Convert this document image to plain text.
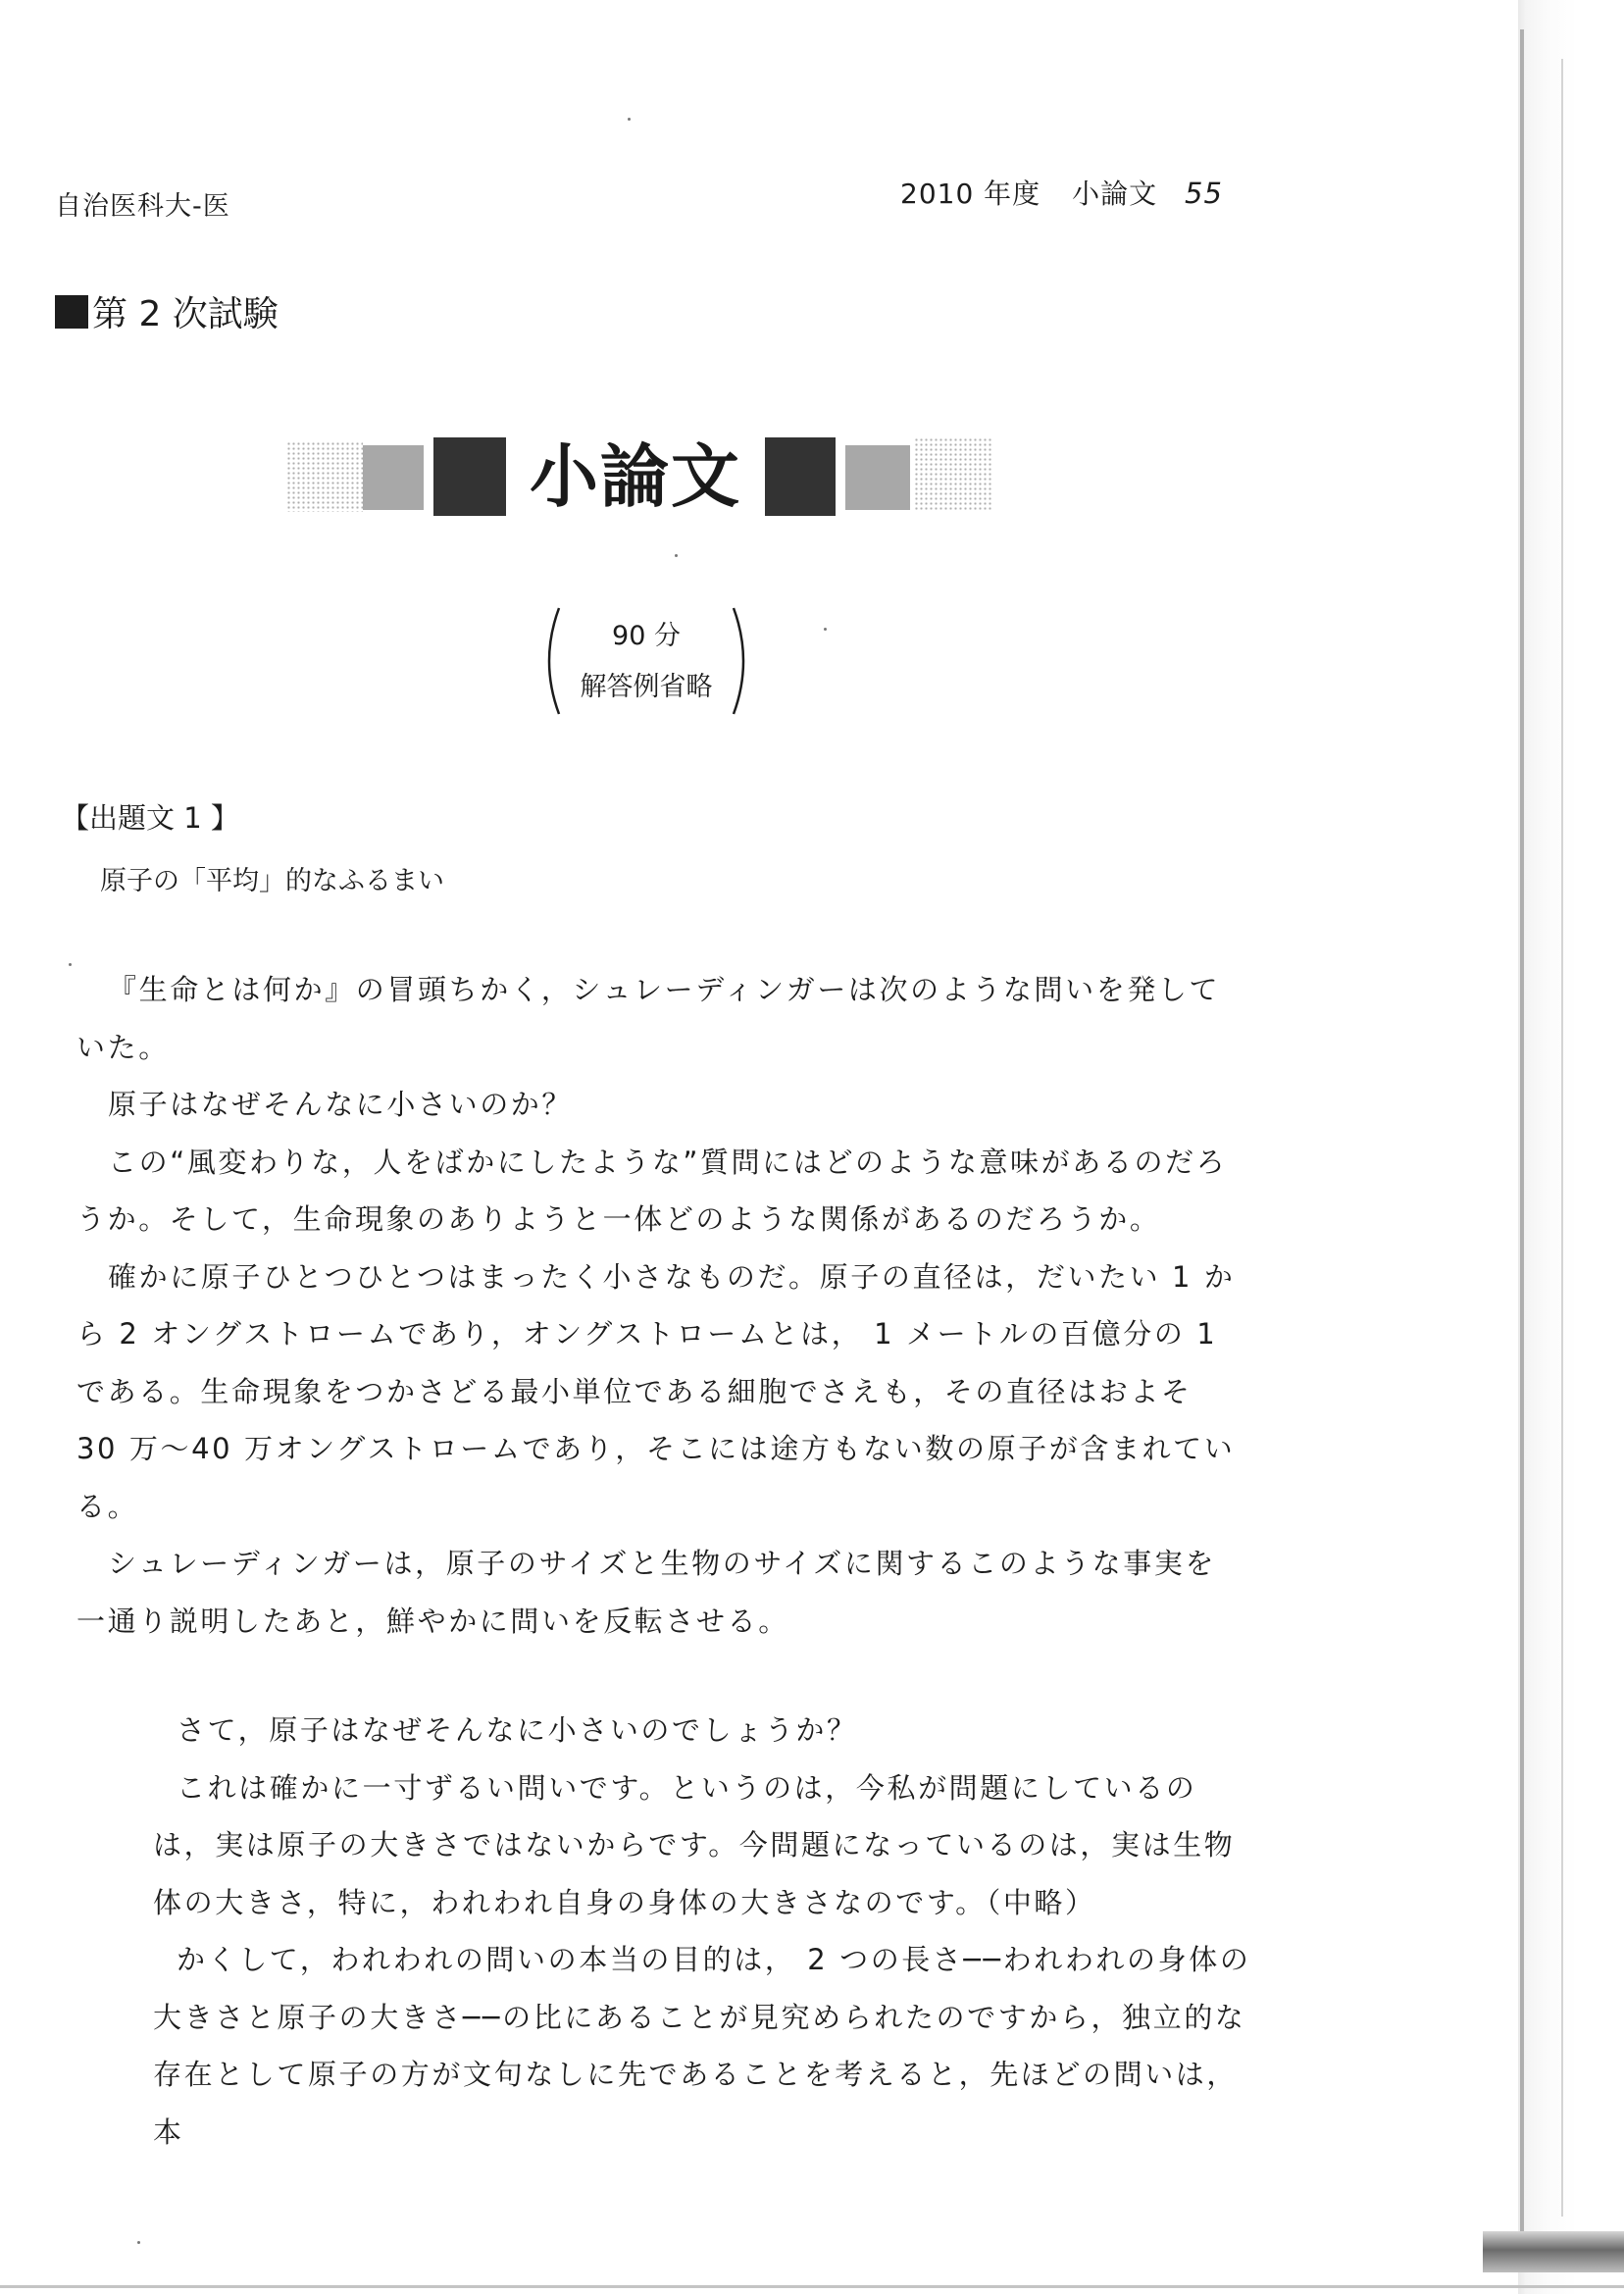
自治医科大-医	2010 年度 小論文 55
第 2 次試験
小論文
90 分
解答例省略
【出題文 1 】
原子の「平均」的なふるまい

『生命とは何か』の冒頭ちかく，シュレーディンガーは次のような問いを発していた。

原子はなぜそんなに小さいのか？

この“風変わりな，人をばかにしたような”質問にはどのような意味があるのだろうか。そして，生命現象のありようと一体どのような関係があるのだろうか。

確かに原子ひとつひとつはまったく小さなものだ。原子の直径は，だいたい 1 から 2 オングストロームであり，オングストロームとは， 1 メートルの百億分の 1 である。生命現象をつかさどる最小単位である細胞でさえも，その直径はおよそ 30 万〜40 万オングストロームであり，そこには途方もない数の原子が含まれている。

シュレーディンガーは，原子のサイズと生物のサイズに関するこのような事実を一通り説明したあと，鮮やかに問いを反転させる。

さて，原子はなぜそんなに小さいのでしょうか？

これは確かに一寸ずるい問いです。というのは，今私が問題にしているのは，実は原子の大きさではないからです。今問題になっているのは，実は生物体の大きさ，特に，われわれ自身の身体の大きさなのです。（中略）

かくして，われわれの問いの本当の目的は， 2 つの長さ──われわれの身体の大きさと原子の大きさ──の比にあることが見究められたのですから，独立的な存在として原子の方が文句なしに先であることを考えると，先ほどの問いは，本
